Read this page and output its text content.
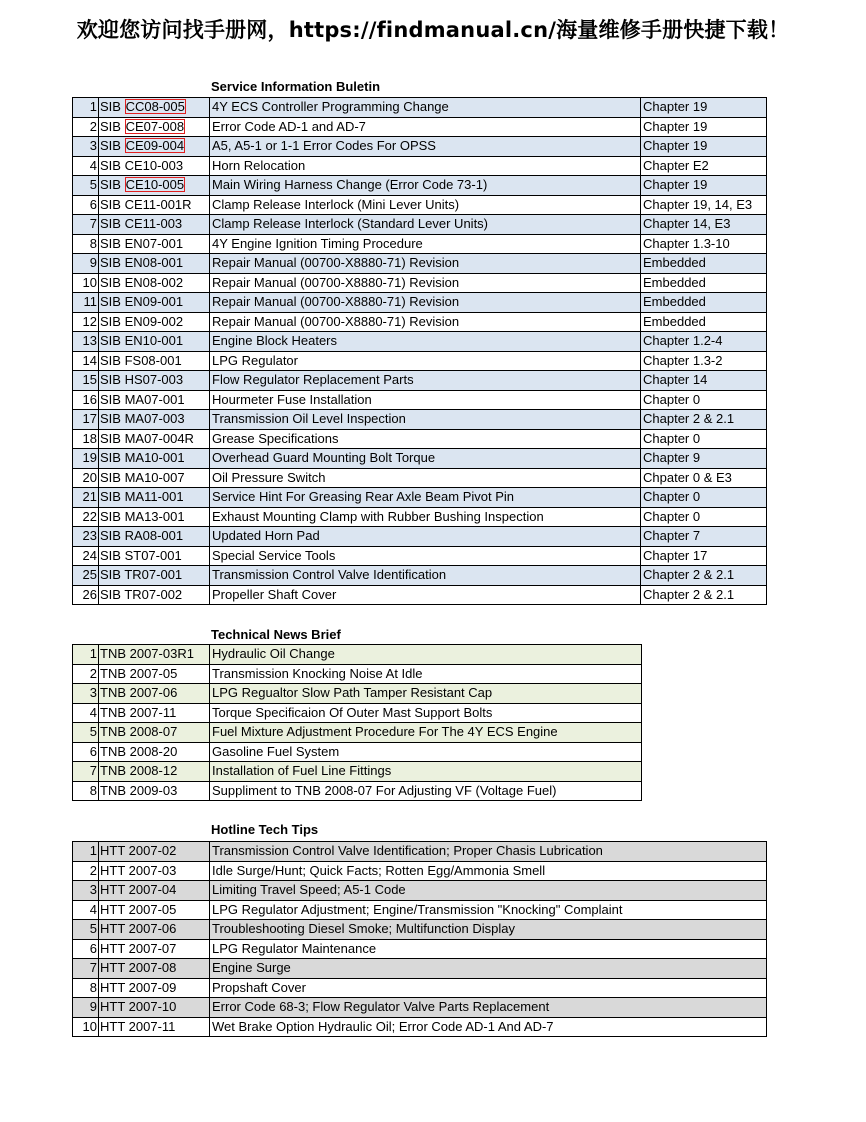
欢迎您访问找手册网，https://findmanual.cn/海量维修手册快捷下载！
Service Information Buletin
1	SIB CC08-005	4Y ECS Controller Programming Change	Chapter 19
2	SIB CE07-008	Error Code AD-1 and AD-7	Chapter 19
3	SIB CE09-004	A5, A5-1 or 1-1 Error Codes For OPSS	Chapter 19
4	SIB CE10-003	Horn Relocation	Chapter E2
5	SIB CE10-005	Main Wiring Harness Change (Error Code 73-1)	Chapter 19
6	SIB CE11-001R	Clamp Release Interlock (Mini Lever Units)	Chapter 19, 14, E3
7	SIB CE11-003	Clamp Release Interlock (Standard Lever Units)	Chapter 14, E3
8	SIB EN07-001	4Y Engine Ignition Timing Procedure	Chapter 1.3-10
9	SIB EN08-001	Repair Manual (00700-X8880-71) Revision	Embedded
10	SIB EN08-002	Repair Manual (00700-X8880-71) Revision	Embedded
11	SIB EN09-001	Repair Manual (00700-X8880-71) Revision	Embedded
12	SIB EN09-002	Repair Manual (00700-X8880-71) Revision	Embedded
13	SIB EN10-001	Engine Block Heaters	Chapter 1.2-4
14	SIB FS08-001	LPG Regulator	Chapter 1.3-2
15	SIB HS07-003	Flow Regulator Replacement Parts	Chapter 14
16	SIB MA07-001	Hourmeter Fuse Installation	Chapter 0
17	SIB MA07-003	Transmission Oil Level Inspection	Chapter 2 & 2.1
18	SIB MA07-004R	Grease Specifications	Chapter 0
19	SIB MA10-001	Overhead Guard Mounting Bolt Torque	Chapter 9
20	SIB MA10-007	Oil Pressure Switch	Chpater 0 & E3
21	SIB MA11-001	Service Hint For Greasing Rear Axle Beam Pivot Pin	Chapter 0
22	SIB MA13-001	Exhaust Mounting Clamp with Rubber Bushing Inspection	Chapter 0
23	SIB RA08-001	Updated Horn Pad	Chapter 7
24	SIB ST07-001	Special Service Tools	Chapter 17
25	SIB TR07-001	Transmission Control Valve Identification	Chapter 2 & 2.1
26	SIB TR07-002	Propeller Shaft Cover	Chapter 2 & 2.1
Technical News Brief
1	TNB 2007-03R1	Hydraulic Oil Change
2	TNB 2007-05	Transmission Knocking Noise At Idle
3	TNB 2007-06	LPG Regualtor Slow Path Tamper Resistant Cap
4	TNB 2007-11	Torque Specificaion Of Outer Mast Support Bolts
5	TNB 2008-07	Fuel Mixture Adjustment Procedure For The 4Y ECS Engine
6	TNB 2008-20	Gasoline Fuel System
7	TNB 2008-12	Installation of Fuel Line Fittings
8	TNB 2009-03	Suppliment to TNB 2008-07 For Adjusting VF (Voltage Fuel)
Hotline Tech Tips
1	HTT 2007-02	Transmission Control Valve Identification; Proper Chasis Lubrication
2	HTT 2007-03	Idle Surge/Hunt; Quick Facts; Rotten Egg/Ammonia Smell
3	HTT 2007-04	Limiting Travel Speed; A5-1 Code
4	HTT 2007-05	LPG Regulator Adjustment; Engine/Transmission "Knocking" Complaint
5	HTT 2007-06	Troubleshooting Diesel Smoke; Multifunction Display
6	HTT 2007-07	LPG Regulator Maintenance
7	HTT 2007-08	Engine Surge
8	HTT 2007-09	Propshaft Cover
9	HTT 2007-10	Error Code 68-3; Flow Regulator Valve Parts Replacement
10	HTT 2007-11	Wet Brake Option Hydraulic Oil; Error Code AD-1 And AD-7
